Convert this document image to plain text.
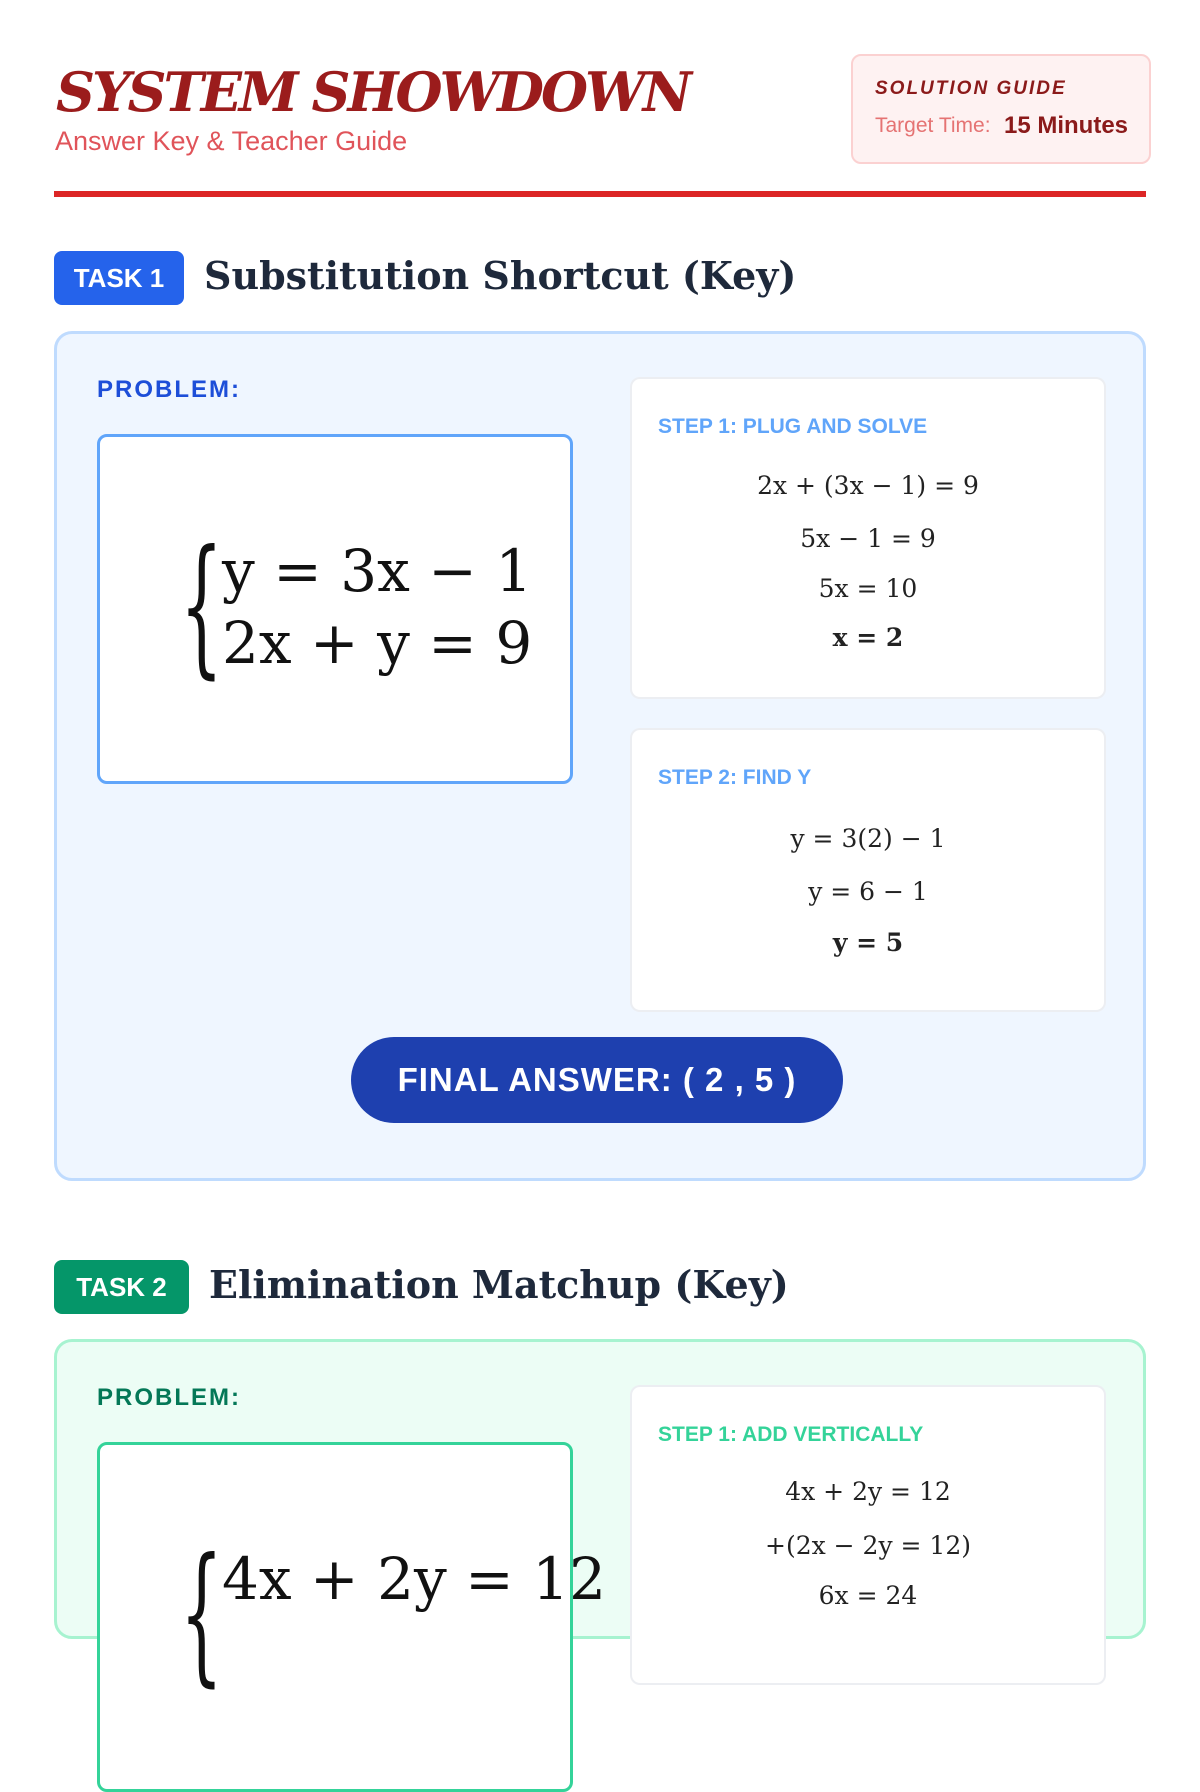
SYSTEM SHOWDOWN
Answer Key & Teacher Guide
SOLUTION GUIDE
Target Time: 15 Minutes
TASK 1	Substitution Shortcut (Key)
PROBLEM:
{ y = 3x − 1
2x + y = 9
STEP 1: PLUG AND SOLVE
2x + (3x − 1) = 9
5x − 1 = 9
5x = 10
x = 2
STEP 2: FIND Y
y = 3(2) − 1
y = 6 − 1
y = 5
FINAL ANSWER: ( 2 , 5 )
TASK 2	Elimination Matchup (Key)
PROBLEM:
{ 4x + 2y = 12
STEP 1: ADD VERTICALLY
4x + 2y = 12
+(2x − 2y = 12)
6x = 24
